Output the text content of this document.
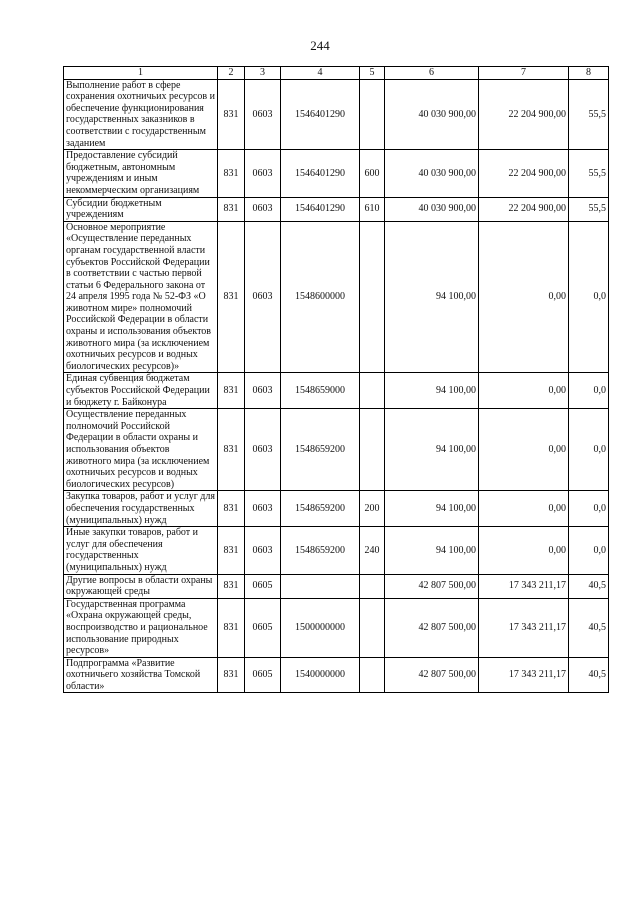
244
1	2	3	4	5	6	7	8
Выполнение работ в сфере сохранения охотничьих ресурсов и обеспечение функционирования государственных заказников в соответствии с государственным заданием	831	0603	1546401290		40 030 900,00	22 204 900,00	55,5
Предоставление субсидий бюджетным, автономным учреждениям и иным некоммерческим организациям	831	0603	1546401290	600	40 030 900,00	22 204 900,00	55,5
Субсидии бюджетным учреждениям	831	0603	1546401290	610	40 030 900,00	22 204 900,00	55,5
Основное мероприятие «Осуществление переданных органам государственной власти субъектов Российской Федерации в соответствии с частью первой статьи 6 Федерального закона от 24 апреля 1995 года № 52-ФЗ «О животном мире» полномочий Российской Федерации в области охраны и использования объектов животного мира (за исключением охотничьих ресурсов и водных биологических ресурсов)»	831	0603	1548600000		94 100,00	0,00	0,0
Единая субвенция бюджетам субъектов Российской Федерации и бюджету г. Байконура	831	0603	1548659000		94 100,00	0,00	0,0
Осуществление переданных полномочий Российской Федерации в области охраны и использования объектов животного мира (за исключением охотничьих ресурсов и водных биологических ресурсов)	831	0603	1548659200		94 100,00	0,00	0,0
Закупка товаров, работ и услуг для обеспечения государственных (муниципальных) нужд	831	0603	1548659200	200	94 100,00	0,00	0,0
Иные закупки товаров, работ и услуг для обеспечения государственных (муниципальных) нужд	831	0603	1548659200	240	94 100,00	0,00	0,0
Другие вопросы в области охраны окружающей среды	831	0605			42 807 500,00	17 343 211,17	40,5
Государственная программа «Охрана окружающей среды, воспроизводство и рациональное использование природных ресурсов»	831	0605	1500000000		42 807 500,00	17 343 211,17	40,5
Подпрограмма «Развитие охотничьего хозяйства Томской области»	831	0605	1540000000		42 807 500,00	17 343 211,17	40,5
